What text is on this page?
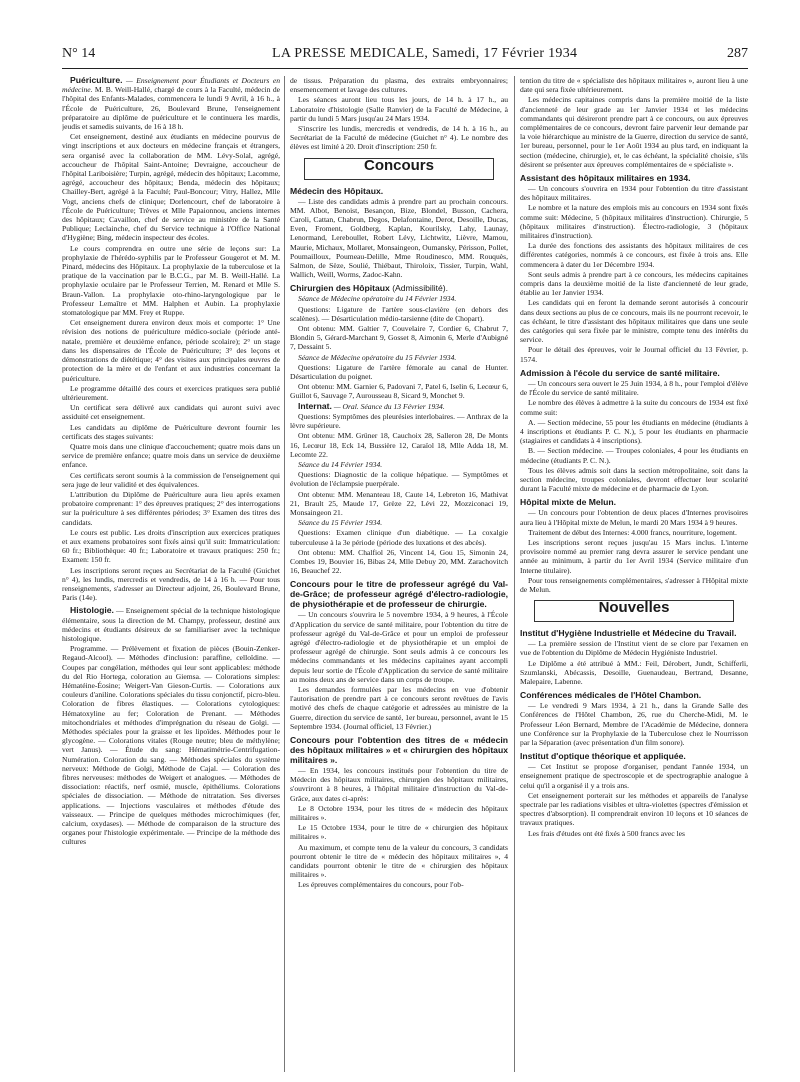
N° 14	LA PRESSE MEDICALE, Samedi, 17 Février 1934	287

Puériculture. — Enseignement pour Étudiants et Docteurs en médecine. M. B. Weill-Hallé, chargé de cours à la Faculté, médecin de l'hôpital des Enfants-Malades, commencera le lundi 9 Avril, à 16 h., à l'École de Puériculture, 26, Boulevard Brune, l'enseignement préparatoire au diplôme de puériculture et le continuera les mardis, jeudis et samedis suivants, de 16 à 18 h.

Cet enseignement, destiné aux étudiants en médecine pourvus de vingt inscriptions et aux docteurs en médecine français et étrangers, sera organisé avec la collaboration de MM. Lévy-Solal, agrégé, accoucheur de l'hôpital Saint-Antoine; Devraigne, accoucheur de l'hôpital Lariboisière; Turpin, agrégé, médecin des hôpitaux; Lacomme, agrégé, accoucheur des hôpitaux; Benda, médecin des hôpitaux; Chailley-Bert, agrégé à la Faculté; Paul-Boncour; Vitry, Hallez, Mlle Vogt, anciens chefs de clinique; Dorlencourt, chef de laboratoire à l'École de Puériculture; Trèves et Mlle Papaionnou, anciens internes des hôpitaux; Cavaillon, chef de service au ministère de la Santé Publique; Leclainche, chef du Service technique à l'Office National d'Hygiène; Bing, médecin inspecteur des écoles.

Le cours comprendra en outre une série de leçons sur: La prophylaxie de l'hérédo-syphilis par le Professeur Gougerot et M. M. Pinard, médecins des Hôpitaux. La prophylaxie de la tuberculose et la pratique de la vaccination par le B.C.G., par M. B. Weill-Hallé. La prophylaxie oculaire par le Professeur Terrien, M. Renard et Mlle S. Braun-Vallon. La prophylaxie oto-rhino-laryngologique par le Professeur Lemaître et MM. Halphen et Aubin. La prophylaxie stomatologique par MM. Frey et Ruppe.

Cet enseignement durera environ deux mois et comporte: 1° Une révision des notions de puériculture médico-sociale (période anté-natale, première et deuxième enfance, période scolaire); 2° un stage dans les dispensaires de l'École de Puériculture; 3° des leçons et démonstrations de diététique; 4° des visites aux principales œuvres de protection de la mère et de l'enfant et aux industries concernant la puériculture.

Le programme détaillé des cours et exercices pratiques sera publié ultérieurement.

Un certificat sera délivré aux candidats qui auront suivi avec assiduité cet enseignement.

Les candidats au diplôme de Puériculture devront fournir les certificats des stages suivants:

Quatre mois dans une clinique d'accouchement; quatre mois dans un service de première enfance; quatre mois dans un service de deuxième enfance.

Ces certificats seront soumis à la commission de l'enseignement qui sera juge de leur validité et des équivalences.

L'attribution du Diplôme de Puériculture aura lieu après examen probatoire comprenant: 1° des épreuves pratiques; 2° des interrogations sur la puériculture à ses différentes périodes; 3° Examen des titres des candidats.

Le cours est public. Les droits d'inscription aux exercices pratiques et aux examens probatoires sont fixés ainsi qu'il suit: Immatriculation: 60 fr.; Bibliothèque: 40 fr.; Laboratoire et travaux pratiques: 250 fr.; Examen: 150 fr.

Les inscriptions seront reçues au Secrétariat de la Faculté (Guichet n° 4), les lundis, mercredis et vendredis, de 14 à 16 h. — Pour tous renseignements, s'adresser au Directeur adjoint, 26, Boulevard Brune, Paris (14e).

Histologie. — Enseignement spécial de la technique histologique élémentaire, sous la direction de M. Champy, professeur, destiné aux médecins et étudiants désireux de se familiariser avec la technique histologique.

Programme. — Prélèvement et fixation de pièces (Bouin-Zenker-Regaud-Alcool). — Méthodes d'inclusion: paraffine, celloïdine. — Coupes par congélation, méthodes qui leur sont applicables: méthode du del Rio Hortega, coloration au Giemsa. — Colorations simples: Hématéine-Éosine; Weigert-Van Gieson-Curtis. — Colorations aux couleurs d'aniline. Colorations spéciales du tissu conjonctif, picro-bleu. Coloration de fibres élastiques. — Colorations cytologiques: Hématoxyline au fer; Coloration de Prenant. — Méthodes mitochondriales et méthodes d'imprégnation du réseau de Golgi. — Méthodes spéciales pour la graisse et les lipoïdes. Méthodes pour le glycogène. — Colorations vitales (Rouge neutre; bleu de méthylène; vert Janus). — Étude du sang: Hématimétrie-Centrifugation-Numération. Coloration du sang. — Méthodes spéciales du système nerveux: Méthode de Golgi, Méthode de Cajal. — Coloration des fibres nerveuses: méthodes de Weigert et analogues. — Méthodes de dissociation: réactifs, nerf osmié, muscle, épithéliums. Colorations spéciales de dissociation. — Méthode de nitratation. Ses diverses applications. — Injections vasculaires et méthodes d'étude des vaisseaux. — Principe de quelques méthodes microchimiques (fer, calcium, oxydases). — Méthode de comparaison de la structure des organes pour l'histologie expérimentale. — Principe de la méthode des cultures

de tissus. Préparation du plasma, des extraits embryonnaires; ensemencement et lavage des cultures.

Les séances auront lieu tous les jours, de 14 h. à 17 h., au Laboratoire d'histologie (Salle Ranvier) de la Faculté de Médecine, à partir du lundi 5 Mars jusqu'au 24 Mars 1934.

S'inscrire les lundis, mercredis et vendredis, de 14 h. à 16 h., au Secrétariat de la Faculté de médecine (Guichet n° 4). Le nombre des élèves est limité à 20. Droit d'inscription: 250 fr.

Concours

Médecin des Hôpitaux.

— Liste des candidats admis à prendre part au prochain concours. MM. Albot, Benoist, Besançon, Bize, Blondel, Busson, Cachera, Caroli, Cattan, Chabrun, Degos, Delafontaine, Derot, Desoille, Ducas, Even, Froment, Goldberg, Kaplan, Kourilsky, Lahy, Launay, Lenormand, Lereboullet, Robert Lévy, Lichtwitz, Lièvre, Mamou, Maurie, Michaux, Mollaret, Monsaingeon, Oumansky, Périsson, Pollet, Poumailloux, Poumeau-Delille, Mme Roudinesco, MM. Rouquès, Salmon, de Sèze, Soulié, Thiébaut, Thiroloix, Tissier, Turpin, Wahl, Wallich, Weill, Worms, Zadoc-Kahn.

Chirurgien des Hôpitaux (Admissibilité).

Séance de Médecine opératoire du 14 Février 1934.

Questions: Ligature de l'artère sous-clavière (en dehors des scalènes). — Désarticulation médio-tarsienne (dite de Chopart).

Ont obtenu: MM. Galtier 7, Couvelaire 7, Cordier 6, Chabrut 7, Blondin 5, Gérard-Marchant 9, Gosset 8, Aimonin 6, Merle d'Aubigné 7, Dessaint 5.

Séance de Médecine opératoire du 15 Février 1934.

Questions: Ligature de l'artère fémorale au canal de Hunter. Désarticulation du poignet.

Ont obtenu: MM. Garnier 6, Padovani 7, Patel 6, Iselin 6, Lecœur 6, Guillot 6, Sauvage 7, Aurousseau 8, Sicard 9, Monchet 9.

Internat. — Oral. Séance du 13 Février 1934.

Questions: Symptômes des pleurésies interlobaires. — Anthrax de la lèvre supérieure.

Ont obtenu: MM. Grüner 18, Cauchoix 28, Salleron 28, De Monts 16, Lecœur 18, Eck 14, Bussière 12, Caraïol 18, Mlle Adda 18, M. Lecomte 22.

Séance du 14 Février 1934.

Questions: Diagnostic de la colique hépatique. — Symptômes et évolution de l'éclampsie puerpérale.

Ont obtenu: MM. Menanteau 18, Caute 14, Lebreton 16, Mathivat 21, Brault 25, Maude 17, Grèze 22, Lévi 22, Mozziconaci 19, Monsaingeon 21.

Séance du 15 Février 1934.

Questions: Examen clinique d'un diabétique. — La coxalgie tuberculeuse à la 3e période (période des luxations et des abcès).

Ont obtenu: MM. Chalfiol 26, Vincent 14, Gou 15, Simonin 24, Combes 19, Bouvier 16, Bibas 24, Mlle Debuy 20, MM. Zarachovitch 16, Beauchef 22.

Concours pour le titre de professeur agrégé du Val-de-Grâce; de professeur agrégé d'électro-radiologie, de physiothérapie et de professeur de chirurgie.

— Un concours s'ouvrira le 5 novembre 1934, à 9 heures, à l'École d'Application du service de santé militaire, pour l'obtention du titre de professeur agrégé du Val-de-Grâce et pour un emploi de professeur agrégé d'électro-radiologie et de physiothérapie et un emploi de professeur agrégé de chirurgie. Sont seuls admis à ce concours les médecins commandants et les médecins capitaines ayant accompli depuis leur sortie de l'École d'Application du service de santé militaire au moins deux ans de service dans un corps de troupe.

Les demandes formulées par les médecins en vue d'obtenir l'autorisation de prendre part à ce concours seront revêtues de l'avis motivé des chefs de chaque catégorie et adressées au ministre de la Guerre, direction du service de santé, 1er bureau, personnel, avant le 15 Septembre 1934. (Journal officiel, 13 Février.)

Concours pour l'obtention des titres de « médecin des hôpitaux militaires » et « chirurgien des hôpitaux militaires ».

— En 1934, les concours institués pour l'obtention du titre de Médecin des hôpitaux militaires, chirurgien des hôpitaux militaires, s'ouvriront à 8 heures, à l'hôpital militaire d'instruction du Val-de-Grâce, aux dates ci-après:

Le 8 Octobre 1934, pour les titres de « médecin des hôpitaux militaires ».

Le 15 Octobre 1934, pour le titre de « chirurgien des hôpitaux militaires ».

Au maximum, et compte tenu de la valeur du concours, 3 candidats pourront obtenir le titre de « médecin des hôpitaux militaires », 4 candidats pourront obtenir le titre de « chirurgien des hôpitaux militaires ».

Les épreuves complémentaires du concours, pour l'ob-

tention du titre de « spécialiste des hôpitaux militaires », auront lieu à une date qui sera fixée ultérieurement.

Les médecins capitaines compris dans la première moitié de la liste d'ancienneté de leur grade au 1er Janvier 1934 et les médecins commandants qui désireront prendre part à ce concours, ou aux épreuves complémentaires de ce concours, devront faire parvenir leur demande par la voie hiérarchique au ministre de la Guerre, direction du service de santé, 1er bureau, personnel, pour le 1er Août 1934 au plus tard, en indiquant la section (médecine, chirurgie), et, le cas échéant, la spécialité choisie, s'ils désirent se présenter aux épreuves complémentaires de « spécialiste ».

Assistant des hôpitaux militaires en 1934.

— Un concours s'ouvrira en 1934 pour l'obtention du titre d'assistant des hôpitaux militaires.

Le nombre et la nature des emplois mis au concours en 1934 sont fixés comme suit: Médecine, 5 (hôpitaux militaires d'instruction). Chirurgie, 5 (hôpitaux militaires d'instruction). Électro-radiologie, 3 (hôpitaux militaires d'instruction).

La durée des fonctions des assistants des hôpitaux militaires de ces différentes catégories, nommés à ce concours, est fixée à trois ans. Elle commencera à dater du 1er Décembre 1934.

Sont seuls admis à prendre part à ce concours, les médecins capitaines compris dans la deuxième moitié de la liste d'ancienneté de leur grade, établie au 1er Janvier 1934.

Les candidats qui en feront la demande seront autorisés à concourir dans deux sections au plus de ce concours, mais ils ne pourront recevoir, le cas échéant, le titre d'assistant des hôpitaux militaires que dans une seule des catégories qui sera fixée par le ministre, compte tenu des intérêts du service.

Pour le détail des épreuves, voir le Journal officiel du 13 Février, p. 1574.

Admission à l'école du service de santé militaire.

— Un concours sera ouvert le 25 Juin 1934, à 8 h., pour l'emploi d'élève de l'École du service de santé militaire.

Le nombre des élèves à admettre à la suite du concours de 1934 est fixé comme suit:

A. — Section médecine, 55 pour les étudiants en médecine (étudiants à 4 inscriptions et étudiants P. C. N.), 5 pour les étudiants en pharmacie (stagiaires et candidats à 4 inscriptions).

B. — Section médecine. — Troupes coloniales, 4 pour les étudiants en médecine (étudiants P. C. N.).

Tous les élèves admis soit dans la section métropolitaine, soit dans la section médecine, troupes coloniales, devront effectuer leur scolarité durant la Faculté mixte de médecine et de pharmacie de Lyon.

Hôpital mixte de Melun.

— Un concours pour l'obtention de deux places d'Internes provisoires aura lieu à l'Hôpital mixte de Melun, le mardi 20 Mars 1934 à 9 heures.

Traitement de début des Internes: 4.000 francs, nourriture, logement.

Les inscriptions seront reçues jusqu'au 15 Mars inclus. L'interne provisoire nommé au premier rang devra assurer le service pendant une année au minimum, à partir du 1er Avril 1934 (Service militaire d'un Interne titulaire).

Pour tous renseignements complémentaires, s'adresser à l'Hôpital mixte de Melun.

Nouvelles

Institut d'Hygiène Industrielle et Médecine du Travail.

— La première session de l'Institut vient de se clore par l'examen en vue de l'obtention du Diplôme de Médecin Hygiéniste Industriel.

Le Diplôme a été attribué à MM.: Feil, Dérobert, Jundt, Schifferli, Szumlanski, Abécassis, Desoille, Guenaudeau, Bertrand, Desanne, Malepaire, Labenne.

Conférences médicales de l'Hôtel Chambon.

— Le vendredi 9 Mars 1934, à 21 h., dans la Grande Salle des Conférences de l'Hôtel Chambon, 26, rue du Cherche-Midi, M. le Professeur Léon Bernard, Membre de l'Académie de Médecine, donnera une Conférence sur la Prophylaxie de la Tuberculose chez le Nourrisson par la Séparation (avec présentation d'un film sonore).

Institut d'optique théorique et appliquée.

— Cet Institut se propose d'organiser, pendant l'année 1934, un enseignement pratique de spectroscopie et de spectrographie analogue à celui qu'il a organisé il y a trois ans.

Cet enseignement porterait sur les méthodes et appareils de l'analyse spectrale par les radiations visibles et ultra-violettes (spectres d'émission et spectres d'absorption). Il comprendrait environ 10 leçons et 10 séances de travaux pratiques.

Les frais d'études ont été fixés à 500 francs avec les
